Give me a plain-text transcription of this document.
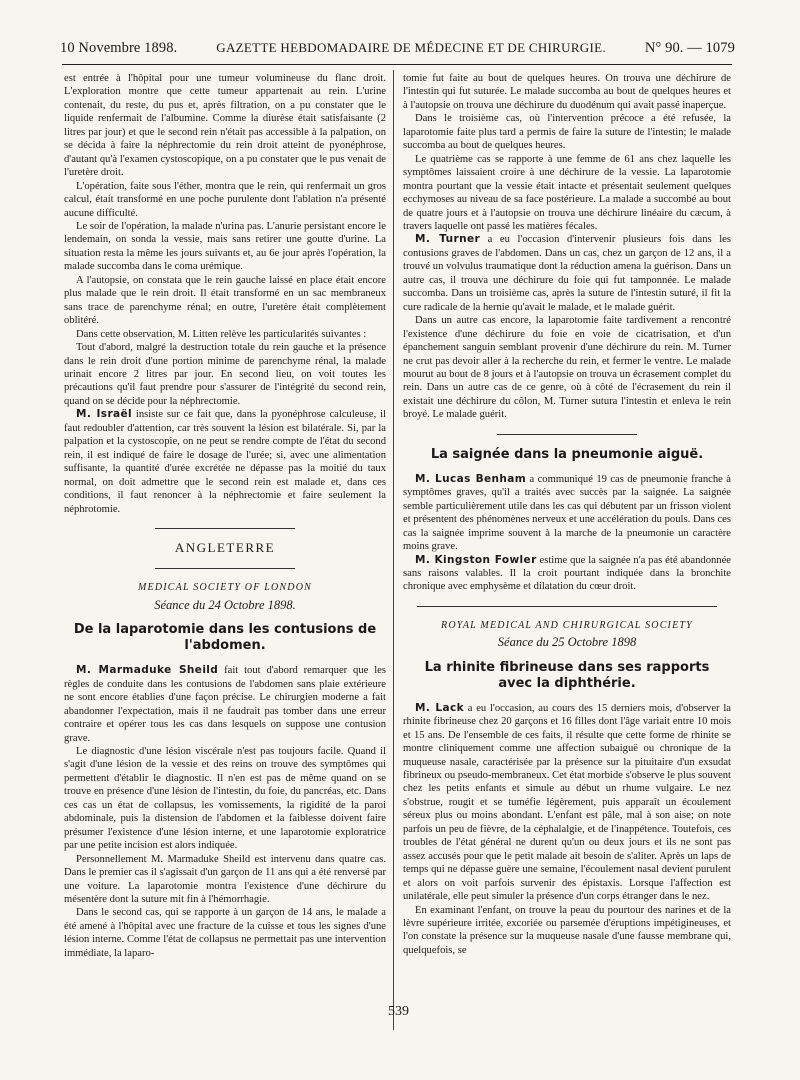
10 Novembre 1898.	GAZETTE HEBDOMADAIRE DE MÉDECINE ET DE CHIRURGIE.	N° 90. — 1079

est entrée à l'hôpital pour une tumeur volumineuse du flanc droit. L'exploration montre que cette tumeur appartenait au rein. L'urine contenait, du reste, du pus et, après filtration, on a pu constater que le liquide renfermait de l'albumine. Comme la diurèse était satisfaisante (2 litres par jour) et que le second rein n'était pas accessible à la palpation, on se décida à faire la néphrectomie du rein droit atteint de pyonéphrose, d'autant qu'à l'examen cystoscopique, on a pu constater que le pus venait de l'uretère droit.

L'opération, faite sous l'éther, montra que le rein, qui renfermait un gros calcul, était transformé en une poche purulente dont l'ablation n'a présenté aucune difficulté.

Le soir de l'opération, la malade n'urina pas. L'anurie persistant encore le lendemain, on sonda la vessie, mais sans retirer une goutte d'urine. La situation resta la même les jours suivants et, au 6e jour après l'opération, la malade succomba dans le coma urémique.

A l'autopsie, on constata que le rein gauche laissé en place était encore plus malade que le rein droit. Il était transformé en un sac membraneux sans trace de parenchyme rénal; en outre, l'uretère était complètement oblitéré.

Dans cette observation, M. Litten relève les particularités suivantes :

Tout d'abord, malgré la destruction totale du rein gauche et la présence dans le rein droit d'une portion minime de parenchyme rénal, la malade urinait encore 2 litres par jour. En second lieu, on voit toutes les précautions qu'il faut prendre pour s'assurer de l'intégrité du second rein, quand on se décide pour la néphrectomie.

M. Israël insiste sur ce fait que, dans la pyonéphrose calculeuse, il faut redoubler d'attention, car très souvent la lésion est bilatérale. Si, par la palpation et la cystoscopie, on ne peut se rendre compte de l'état du second rein, il est indiqué de faire le dosage de l'urée; si, avec une alimentation suffisante, la quantité d'urée excrétée ne dépasse pas la moitié du taux normal, on doit admettre que le second rein est malade et, dans ces conditions, il faut renoncer à la néphrectomie et faire seulement la néphrotomie.

ANGLETERRE
MEDICAL SOCIETY OF LONDON
Séance du 24 Octobre 1898.
De la laparotomie dans les contusions de l'abdomen.

M. Marmaduke Sheild fait tout d'abord remarquer que les règles de conduite dans les contusions de l'abdomen sans plaie extérieure ne sont encore établies d'une façon précise. Le chirurgien moderne a fait abandonner l'expectation, mais il ne faudrait pas tomber dans une erreur contraire et opérer tous les cas dans lesquels on suppose une contusion grave.

Le diagnostic d'une lésion viscérale n'est pas toujours facile. Quand il s'agit d'une lésion de la vessie et des reins on trouve des symptômes qui permettent d'établir le diagnostic. Il n'en est pas de même quand on se trouve en présence d'une lésion de l'intestin, du foie, du pancréas, etc. Dans ces cas un état de collapsus, les vomissements, la rigidité de la paroi abdominale, puis la distension de l'abdomen et la faiblesse doivent faire présumer l'existence d'une lésion interne, et une laparotomie exploratrice par une petite incision est alors indiquée.

Personnellement M. Marmaduke Sheild est intervenu dans quatre cas. Dans le premier cas il s'agissait d'un garçon de 11 ans qui a été renversé par une voiture. La laparotomie montra l'existence d'une déchirure du mésentère dont la suture mit fin à l'hémorrhagie.

Dans le second cas, qui se rapporte à un garçon de 14 ans, le malade a été amené à l'hôpital avec une fracture de la cuisse et tous les signes d'une lésion interne. Comme l'état de collapsus ne permettait pas une intervention immédiate, la laparo-

tomie fut faite au bout de quelques heures. On trouva une déchirure de l'intestin qui fut suturée. Le malade succomba au bout de quelques heures et à l'autopsie on trouva une déchirure du duodénum qui avait passé inaperçue.

Dans le troisième cas, où l'intervention précoce a été refusée, la laparotomie faite plus tard a permis de faire la suture de l'intestin; le malade succomba au bout de quelques heures.

Le quatrième cas se rapporte à une femme de 61 ans chez laquelle les symptômes laissaient croire à une déchirure de la vessie. La laparotomie montra pourtant que la vessie était intacte et présentait seulement quelques ecchymoses au niveau de sa face postérieure. La malade a succombé au bout de quatre jours et à l'autopsie on trouva une déchirure linéaire du cæcum, à travers laquelle ont passé les matières fécales.

M. Turner a eu l'occasion d'intervenir plusieurs fois dans les contusions graves de l'abdomen. Dans un cas, chez un garçon de 12 ans, il a trouvé un volvulus traumatique dont la réduction amena la guérison. Dans un autre cas, il trouva une déchirure du foie qui fut tamponnée. Le malade succomba. Dans un troisième cas, après la suture de l'intestin suturé, il fit la cure radicale de la hernie qu'avait le malade, et le malade guérit.

Dans un autre cas encore, la laparotomie faite tardivement a rencontré l'existence d'une déchirure du foie en voie de cicatrisation, et d'un épanchement sanguin semblant provenir d'une déchirure du rein. M. Turner ne crut pas devoir aller à la recherche du rein, et fermer le ventre. Le malade mourut au bout de 8 jours et à l'autopsie on trouva un écrasement complet du rein. Dans un autre cas de ce genre, où à côté de l'écrasement du rein il existait une déchirure du côlon, M. Turner sutura l'intestin et enleva le rein broyé. Le malade guérit.

La saignée dans la pneumonie aiguë.

M. Lucas Benham a communiqué 19 cas de pneumonie franche à symptômes graves, qu'il a traités avec succès par la saignée. La saignée semble particulièrement utile dans les cas qui débutent par un frisson violent et présentent des phénomènes nerveux et une accélération du pouls. Dans ces cas la saignée imprime souvent à la marche de la pneumonie un caractère moins grave.

M. Kingston Fowler estime que la saignée n'a pas été abandonnée sans raisons valables. Il la croit pourtant indiquée dans la bronchite chronique avec emphysème et dilatation du cœur droit.

ROYAL MEDICAL AND CHIRURGICAL SOCIETY
Séance du 25 Octobre 1898
La rhinite fibrineuse dans ses rapports avec la diphthérie.

M. Lack a eu l'occasion, au cours des 15 derniers mois, d'observer la rhinite fibrineuse chez 20 garçons et 16 filles dont l'âge variait entre 10 mois et 15 ans. De l'ensemble de ces faits, il résulte que cette forme de rhinite se montre cliniquement comme une affection subaiguë ou chronique de la muqueuse nasale, caractérisée par la présence sur la pituitaire d'un exsudat fibrineux ou pseudo-membraneux. Cet état morbide s'observe le plus souvent chez les petits enfants et simule au début un rhume vulgaire. Le nez s'obstrue, rougit et se tuméfie légèrement, puis apparaît un écoulement séreux plus ou moins abondant. L'enfant est pâle, mal à son aise; on note parfois un peu de fièvre, de la céphalalgie, et de l'inappétence. Toutefois, ces troubles de l'état général ne durent qu'un ou deux jours et ils ne sont pas assez accusés pour que le petit malade ait besoin de s'aliter. Après un laps de temps qui ne dépasse guère une semaine, l'écoulement nasal devient purulent et alors on voit parfois survenir des épistaxis. Lorsque l'affection est unilatérale, elle peut simuler la présence d'un corps étranger dans le nez.

En examinant l'enfant, on trouve la peau du pourtour des narines et de la lèvre supérieure irritée, excoriée ou parsemée d'éruptions impétigineuses, et l'on constate la présence sur la muqueuse nasale d'une fausse membrane qui, quelquefois, se

539
